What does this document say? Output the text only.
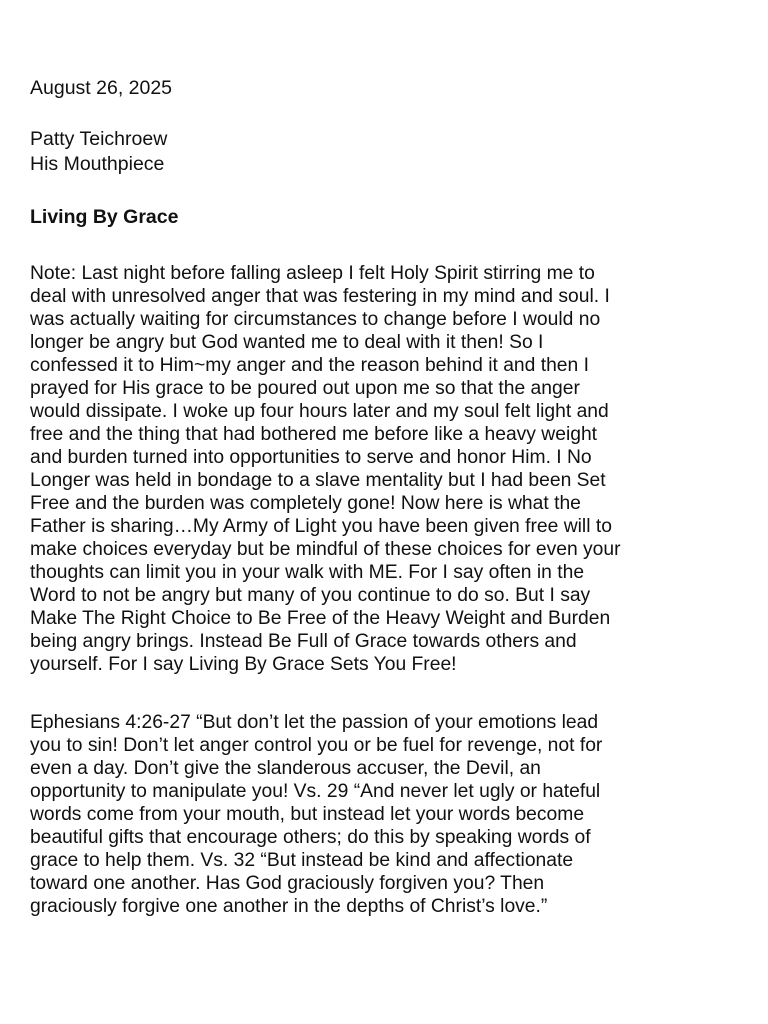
August 26, 2025
Patty Teichroew
His Mouthpiece
Living By Grace
Note: Last night before falling asleep I felt Holy Spirit stirring me to
deal with unresolved anger that was festering in my mind and soul. I
was actually waiting for circumstances to change before I would no
longer be angry but God wanted me to deal with it then! So I
confessed it to Him~my anger and the reason behind it and then I
prayed for His grace to be poured out upon me so that the anger
would dissipate. I woke up four hours later and my soul felt light and
free and the thing that had bothered me before like a heavy weight
and burden turned into opportunities to serve and honor Him. I No
Longer was held in bondage to a slave mentality but I had been Set
Free and the burden was completely gone! Now here is what the
Father is sharing…My Army of Light you have been given free will to
make choices everyday but be mindful of these choices for even your
thoughts can limit you in your walk with ME. For I say often in the
Word to not be angry but many of you continue to do so. But I say
Make The Right Choice to Be Free of the Heavy Weight and Burden
being angry brings. Instead Be Full of Grace towards others and
yourself. For I say Living By Grace Sets You Free!
Ephesians 4:26-27 “But don’t let the passion of your emotions lead
you to sin! Don’t let anger control you or be fuel for revenge, not for
even a day. Don’t give the slanderous accuser, the Devil, an
opportunity to manipulate you! Vs. 29 “And never let ugly or hateful
words come from your mouth, but instead let your words become
beautiful gifts that encourage others; do this by speaking words of
grace to help them. Vs. 32 “But instead be kind and affectionate
toward one another. Has God graciously forgiven you? Then
graciously forgive one another in the depths of Christ’s love.”
